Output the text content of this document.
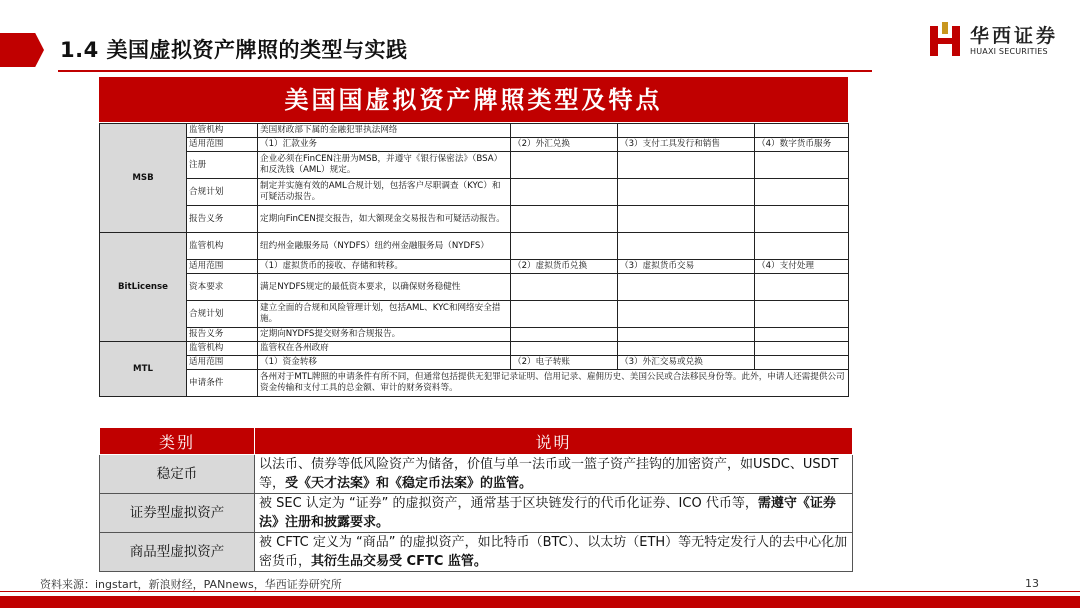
1.4 美国虚拟资产牌照的类型与实践
华西证券
HUAXI SECURITIES
美国国虚拟资产牌照类型及特点
MSB	监管机构	美国财政部下属的金融犯罪执法网络			
	适用范围	（1）汇款业务	（2）外汇兑换	（3）支付工具发行和销售	（4）数字货币服务
	注册	企业必须在FinCEN注册为MSB，并遵守《银行保密法》（BSA）和反洗钱（AML）规定。			
	合规计划	制定并实施有效的AML合规计划，包括客户尽职调查（KYC）和可疑活动报告。			
	报告义务	定期向FinCEN提交报告，如大额现金交易报告和可疑活动报告。			
BitLicense	监管机构	纽约州金融服务局（NYDFS）纽约州金融服务局（NYDFS）			
	适用范围	（1）虚拟货币的接收、存储和转移。	（2）虚拟货币兑换	（3）虚拟货币交易	（4）支付处理
	资本要求	满足NYDFS规定的最低资本要求，以确保财务稳健性			
	合规计划	建立全面的合规和风险管理计划，包括AML、KYC和网络安全措施。			
	报告义务	定期向NYDFS提交财务和合规报告。			
MTL	监管机构	监管权在各州政府			
	适用范围	（1）资金转移	（2）电子转账	（3）外汇交易或兑换	
	申请条件	各州对于MTL牌照的申请条件有所不同，但通常包括提供无犯罪记录证明、信用记录、雇佣历史、美国公民或合法移民身份等。此外，申请人还需提供公司资金传输和支付工具的总金额、审计的财务资料等。			
类别	说明
稳定币	以法币、债券等低风险资产为储备，价值与单一法币或一篮子资产挂钩的加密资产，如USDC、USDT 等，受《天才法案》和《稳定币法案》的监管。
证券型虚拟资产	被 SEC 认定为 “证券” 的虚拟资产，通常基于区块链发行的代币化证券、ICO 代币等，需遵守《证券法》注册和披露要求。
商品型虚拟资产	被 CFTC 定义为 “商品” 的虚拟资产，如比特币（BTC）、以太坊（ETH）等无特定发行人的去中心化加密货币，其衍生品交易受 CFTC 监管。
资料来源：ingstart，新浪财经，PANnews，华西证券研究所	13
